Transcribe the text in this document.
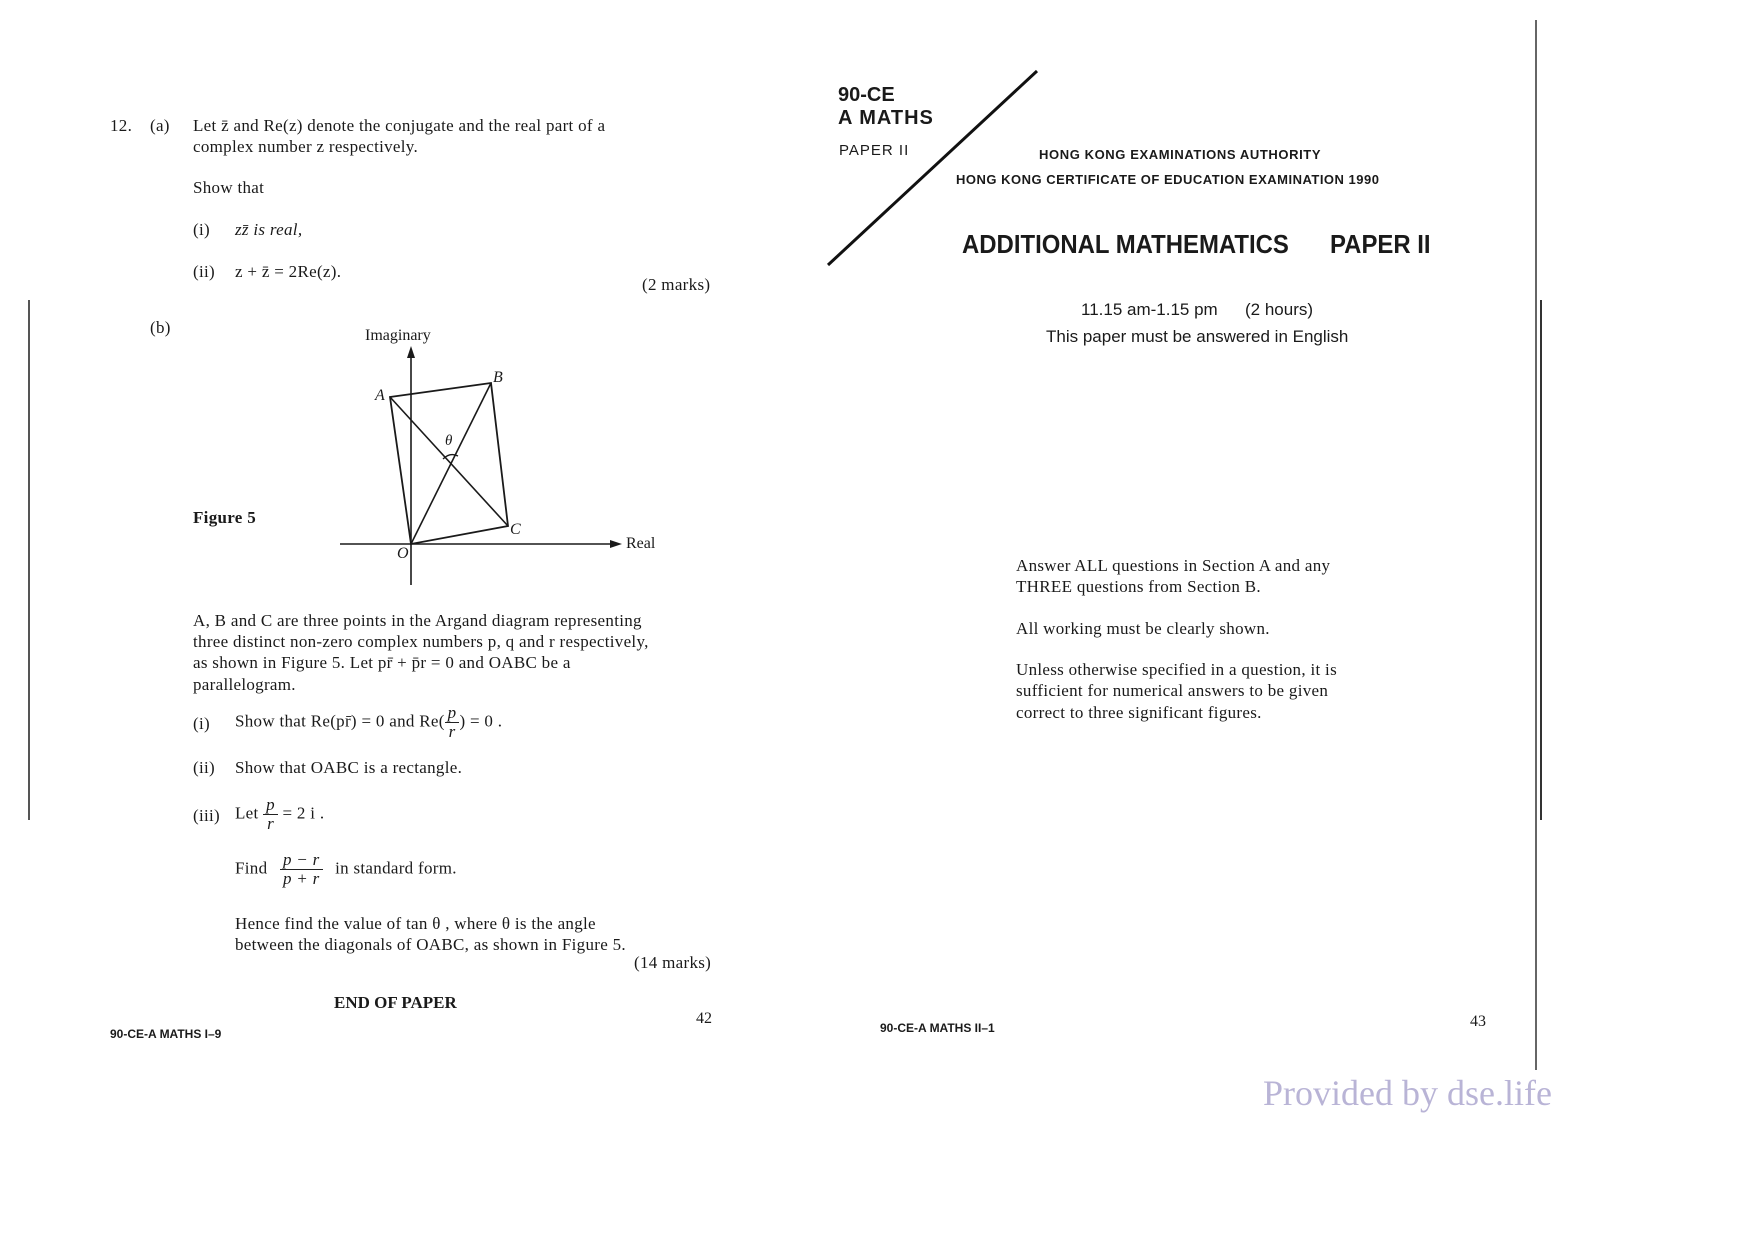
12. (a) Let z̄ and Re(z) denote the conjugate and the real part of a
complex number z respectively.
Show that
(i) zz̄ is real,
(ii) z + z̄ = 2Re(z).
(2 marks)
(b)
Figure 5
Imaginary
Real
A
B
C
O
θ
A, B and C are three points in the Argand diagram representing
three distinct non-zero complex numbers p, q and r respectively,
as shown in Figure 5. Let pr̄ + p̄r = 0 and OABC be a
parallelogram.
(i) Show that Re(pr̄) = 0 and $Re( \frac{p}{r}$ ) = 0 .
(ii) Show that OABC is a rectangle.
(iii) Let $\frac{p}{r} = 2$ i .
Find $\frac{p - r}{p + r}$ in standard form.
Hence find the value of tan θ , where θ is the angle
between the diagonals of OABC, as shown in Figure 5.
(14 marks)
END OF PAPER
42
90-CE-A MATHS I–9
90-CE
A MATHS
PAPER II	HONG KONG EXAMINATIONS AUTHORITY
HONG KONG CERTIFICATE OF EDUCATION EXAMINATION 1990
ADDITIONAL MATHEMATICS PAPER II
11.15 am-1.15 pm (2 hours)
This paper must be answered in English
Answer ALL questions in Section A and any
THREE questions from Section B.
All working must be clearly shown.
Unless otherwise specified in a question, it is
sufficient for numerical answers to be given
correct to three significant figures.
43
90-CE-A MATHS II–1
Provided by dse.life
